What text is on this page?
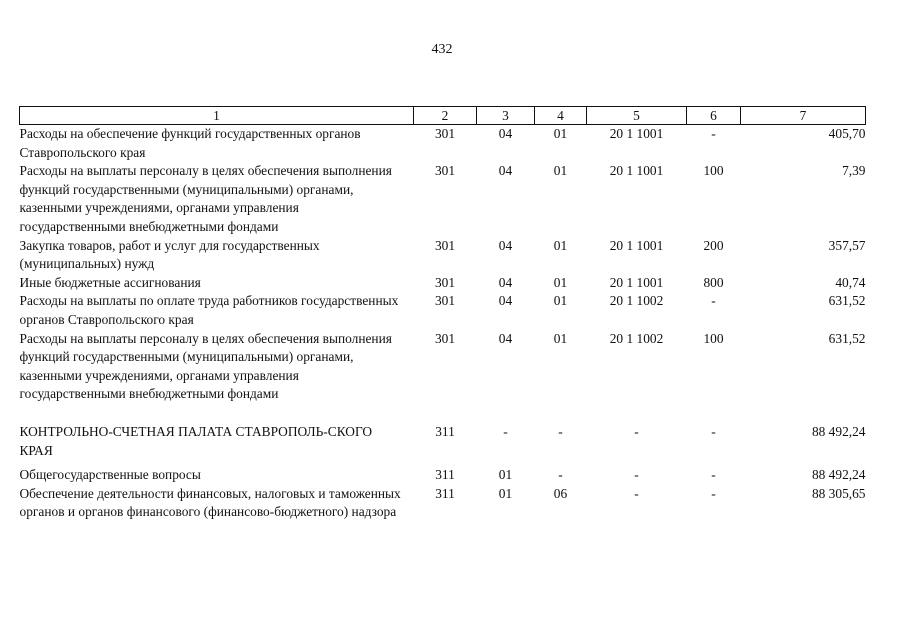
432
1	2	3	4	5	6	7
Расходы на обеспечение функций государственных органов Ставропольского края	301	04	01	20 1 1001	-	405,70
Расходы на выплаты персоналу в целях обеспечения выполнения функций государственными (муниципальными) органами, казенными учреждениями, органами управления государственными внебюджетными фондами	301	04	01	20 1 1001	100	7,39
Закупка товаров, работ и услуг для государственных (муниципальных) нужд	301	04	01	20 1 1001	200	357,57
Иные бюджетные ассигнования	301	04	01	20 1 1001	800	40,74
Расходы на выплаты по оплате труда работников государственных органов Ставропольского края	301	04	01	20 1 1002	-	631,52
Расходы на выплаты персоналу в целях обеспечения выполнения функций государственными (муниципальными) органами, казенными учреждениями, органами управления государственными внебюджетными фондами	301	04	01	20 1 1002	100	631,52

КОНТРОЛЬНО-СЧЕТНАЯ ПАЛАТА СТАВРОПОЛЬ-СКОГО КРАЯ	311	-	-	-	-	88 492,24
Общегосударственные вопросы	311	01	-	-	-	88 492,24
Обеспечение деятельности финансовых, налоговых и таможенных органов и органов финансового (финансово-бюджетного) надзора	311	01	06	-	-	88 305,65
